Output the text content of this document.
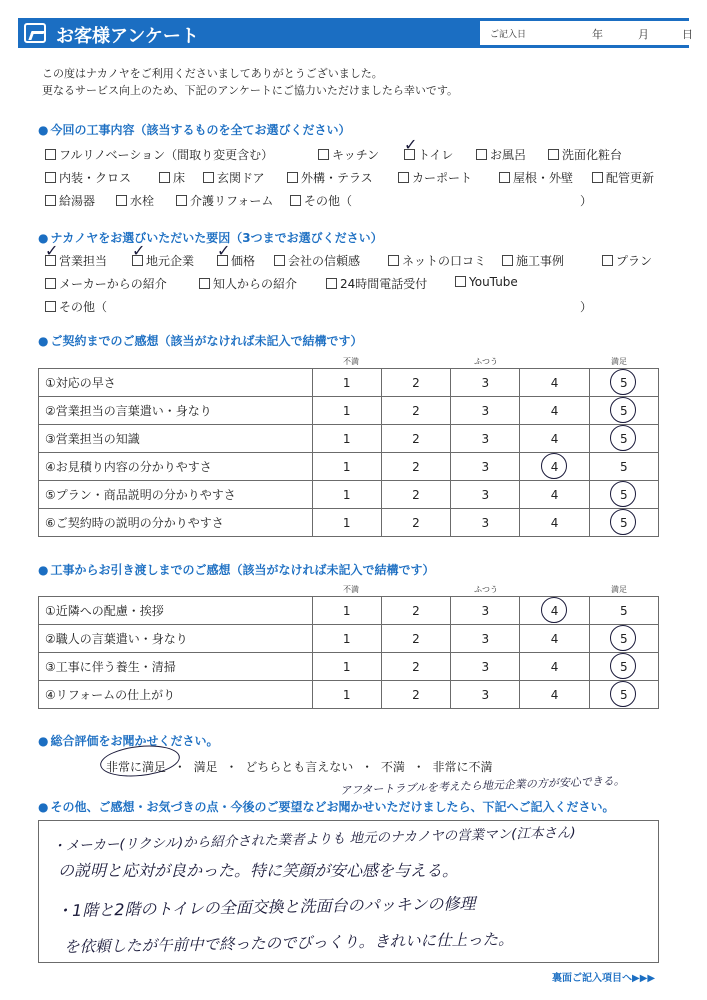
お客様アンケート	ご記入日	年	月	日
この度はナカノヤをご利用くださいましてありがとうございました。
更なるサービス向上のため、下記のアンケートにご協力いただけましたら幸いです。
● 今回の工事内容（該当するものを全てお選びください）
フルリノベーション（間取り変更含む）	キッチン	トイレ	お風呂	洗面化粧台
内装・クロス	床	玄関ドア	外構・テラス	カーポート	屋根・外壁	配管更新
給湯器	水栓	介護リフォーム	その他（	）
✓
● ナカノヤをお選びいただいた要因（3つまでお選びください）
営業担当	地元企業	価格	会社の信頼感	ネットの口コミ	施工事例	プラン
メーカーからの紹介	知人からの紹介	24時間電話受付	YouTube
その他（	）
✓	✓	✓
● ご契約までのご感想（該当がなければ未記入で結構です）
不満	ふつう	満足
①対応の早さ	1	2	3	4	5

②営業担当の言葉遣い・身なり	1	2	3	4	5

③営業担当の知識	1	2	3	4	5

④お見積り内容の分かりやすさ	1	2	3	4	5
⑤プラン・商品説明の分かりやすさ	1	2	3	4	5

⑥ご契約時の説明の分かりやすさ	1	2	3	4	5
● 工事からお引き渡しまでのご感想（該当がなければ未記入で結構です）
不満	ふつう	満足
①近隣への配慮・挨拶	1	2	3	4	5
②職人の言葉遣い・身なり	1	2	3	4	5

③工事に伴う養生・清掃	1	2	3	4	5

④リフォームの仕上がり	1	2	3	4	5
● 総合評価をお聞かせください。
非常に満足 ・ 満足 ・ どちらとも言えない ・ 不満 ・ 非常に不満
● その他、ご感想・お気づきの点・今後のご要望などお聞かせいただけましたら、下記へご記入ください。
アフタートラブルを考えたら地元企業の方が安心できる。
・メーカー(リクシル)から紹介された業者よりも 地元のナカノヤの営業マン(江本さん)
の説明と応対が良かった。特に笑顔が安心感を与える。
・1階と2階のトイレの全面交換と洗面台のパッキンの修理
を依頼したが午前中で終ったのでびっくり。きれいに仕上った。
裏面ご記入項目へ▶▶▶
